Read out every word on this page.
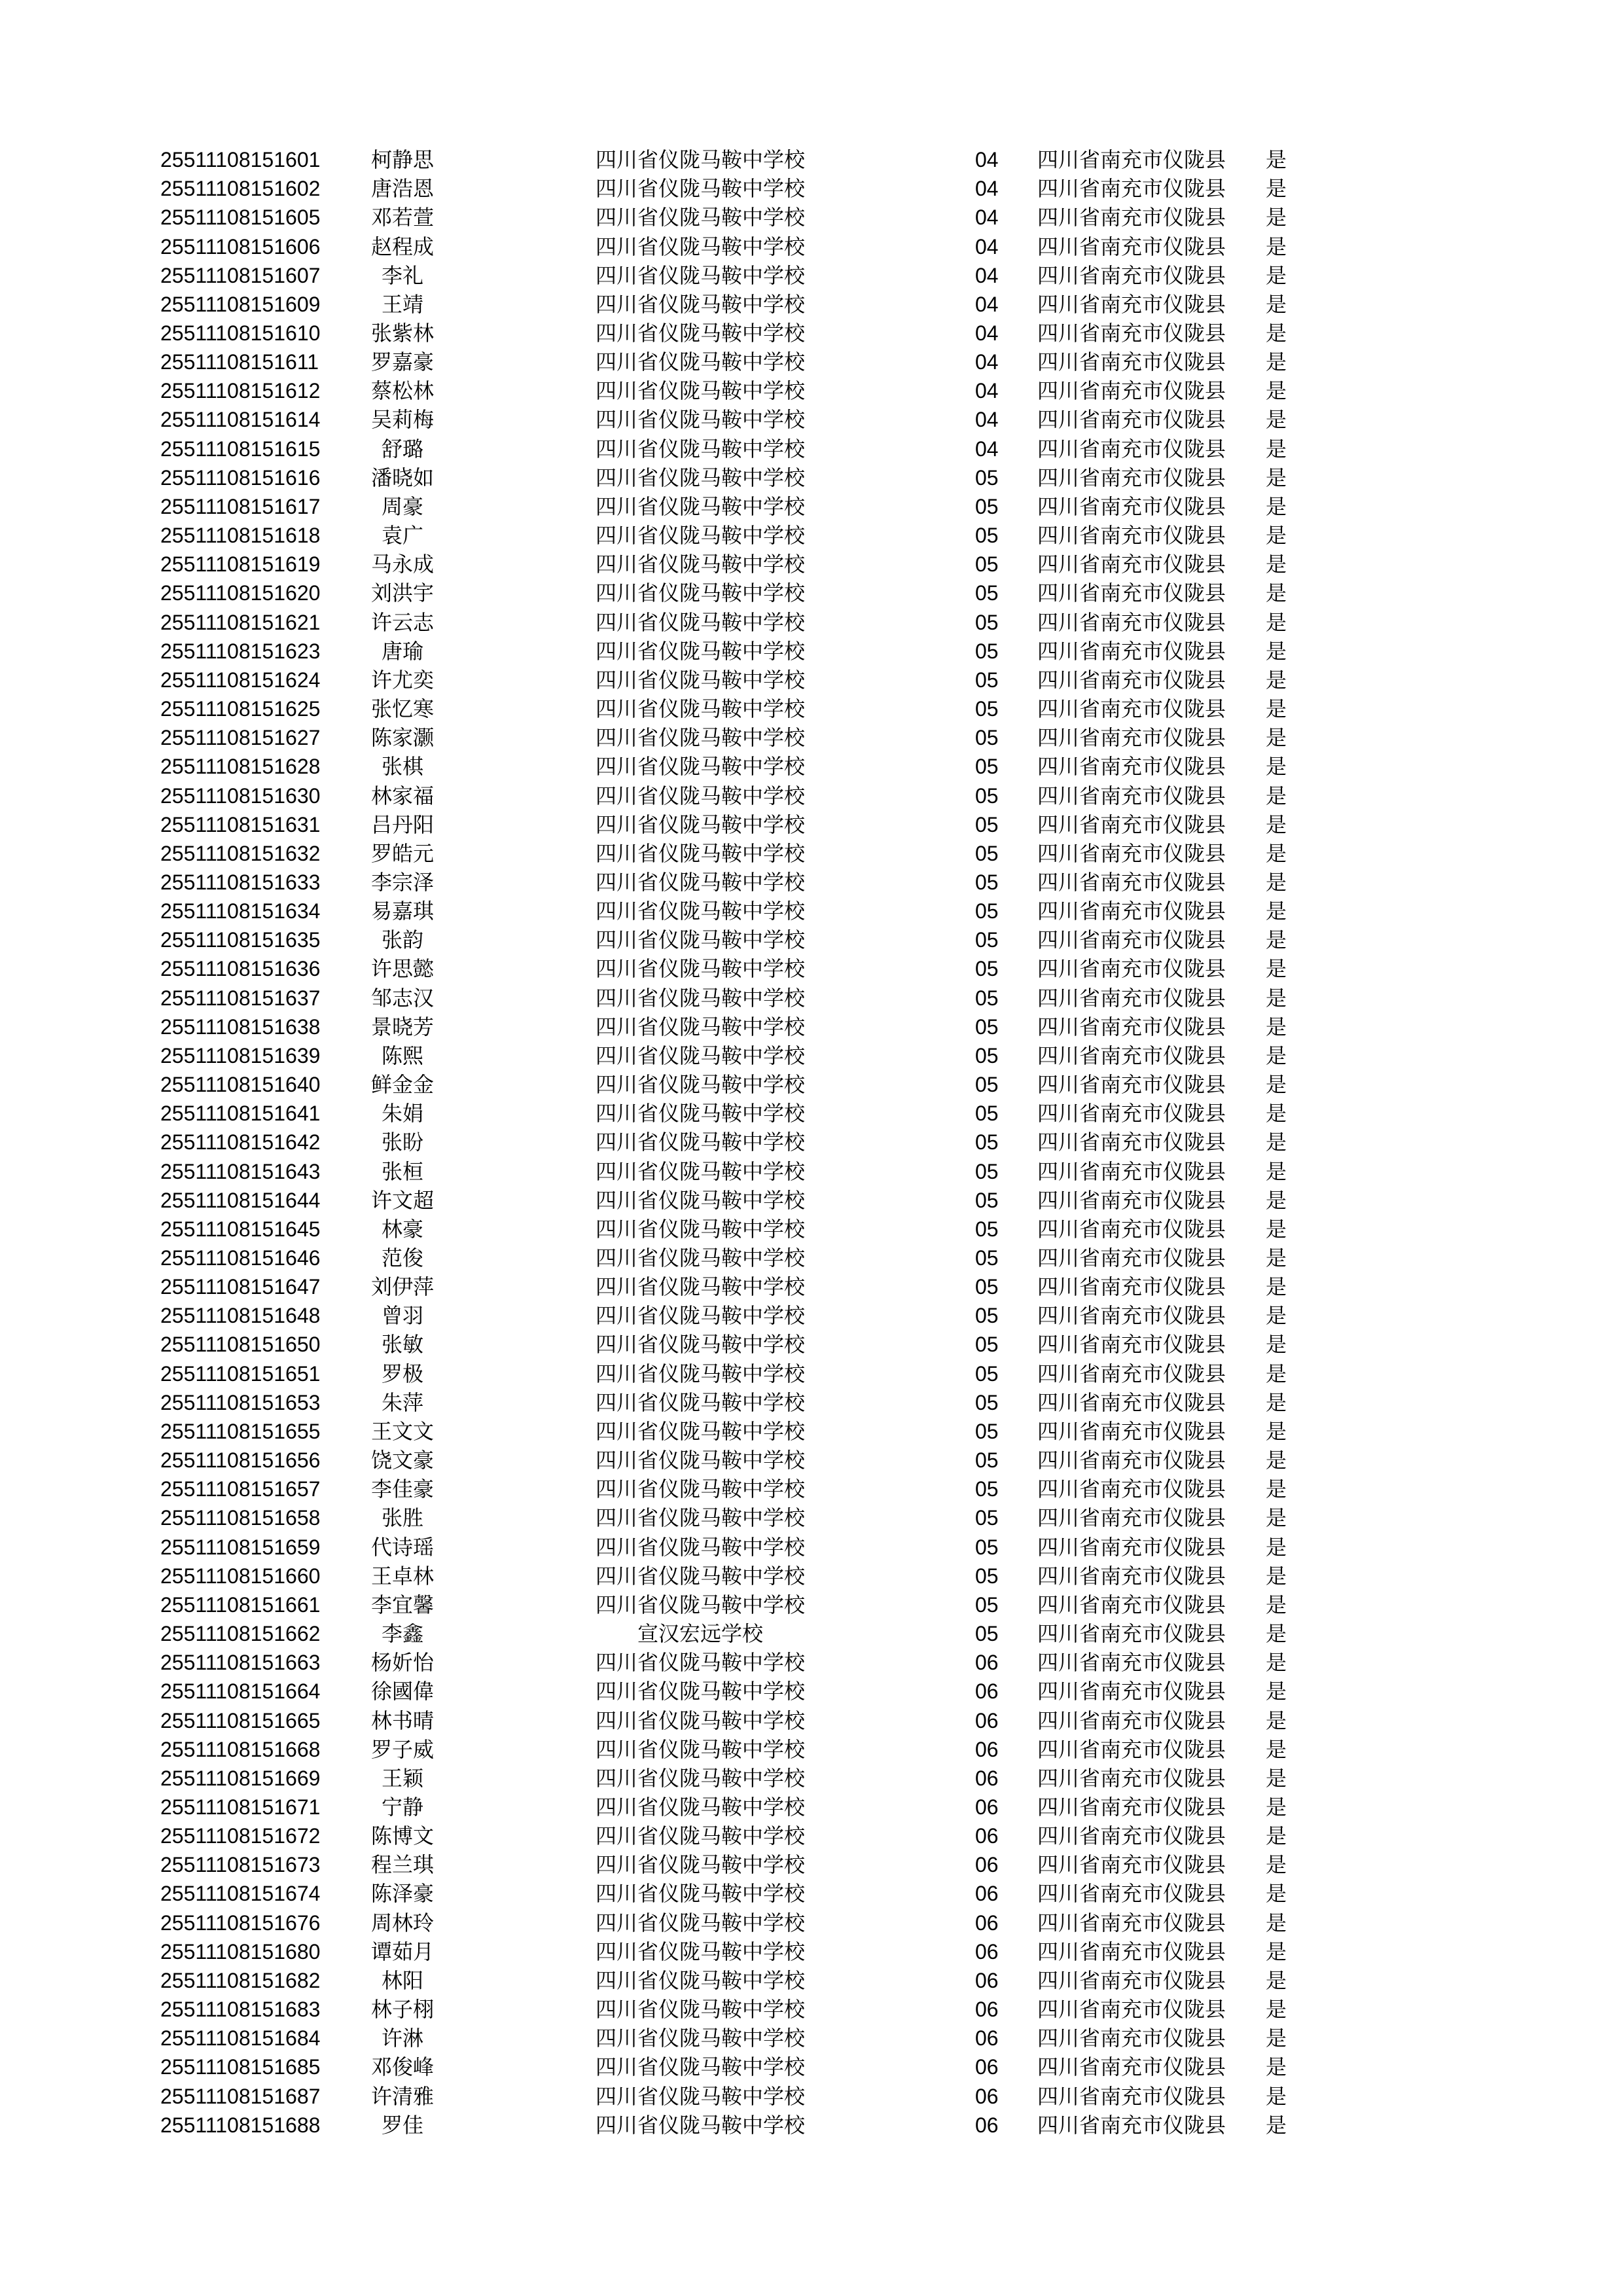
25511108151601	柯静思		四川省仪陇马鞍中学校		04	四川省南充市仪陇县	是
25511108151602	唐浩恩		四川省仪陇马鞍中学校		04	四川省南充市仪陇县	是
25511108151605	邓若萱		四川省仪陇马鞍中学校		04	四川省南充市仪陇县	是
25511108151606	赵程成		四川省仪陇马鞍中学校		04	四川省南充市仪陇县	是
25511108151607	李礼		四川省仪陇马鞍中学校		04	四川省南充市仪陇县	是
25511108151609	王靖		四川省仪陇马鞍中学校		04	四川省南充市仪陇县	是
25511108151610	张紫林		四川省仪陇马鞍中学校		04	四川省南充市仪陇县	是
25511108151611	罗嘉豪		四川省仪陇马鞍中学校		04	四川省南充市仪陇县	是
25511108151612	蔡松林		四川省仪陇马鞍中学校		04	四川省南充市仪陇县	是
25511108151614	吴莉梅		四川省仪陇马鞍中学校		04	四川省南充市仪陇县	是
25511108151615	舒璐		四川省仪陇马鞍中学校		04	四川省南充市仪陇县	是
25511108151616	潘晓如		四川省仪陇马鞍中学校		05	四川省南充市仪陇县	是
25511108151617	周豪		四川省仪陇马鞍中学校		05	四川省南充市仪陇县	是
25511108151618	袁广		四川省仪陇马鞍中学校		05	四川省南充市仪陇县	是
25511108151619	马永成		四川省仪陇马鞍中学校		05	四川省南充市仪陇县	是
25511108151620	刘洪宇		四川省仪陇马鞍中学校		05	四川省南充市仪陇县	是
25511108151621	许云志		四川省仪陇马鞍中学校		05	四川省南充市仪陇县	是
25511108151623	唐瑜		四川省仪陇马鞍中学校		05	四川省南充市仪陇县	是
25511108151624	许尤奕		四川省仪陇马鞍中学校		05	四川省南充市仪陇县	是
25511108151625	张忆寒		四川省仪陇马鞍中学校		05	四川省南充市仪陇县	是
25511108151627	陈家灏		四川省仪陇马鞍中学校		05	四川省南充市仪陇县	是
25511108151628	张棋		四川省仪陇马鞍中学校		05	四川省南充市仪陇县	是
25511108151630	林家福		四川省仪陇马鞍中学校		05	四川省南充市仪陇县	是
25511108151631	吕丹阳		四川省仪陇马鞍中学校		05	四川省南充市仪陇县	是
25511108151632	罗皓元		四川省仪陇马鞍中学校		05	四川省南充市仪陇县	是
25511108151633	李宗泽		四川省仪陇马鞍中学校		05	四川省南充市仪陇县	是
25511108151634	易嘉琪		四川省仪陇马鞍中学校		05	四川省南充市仪陇县	是
25511108151635	张韵		四川省仪陇马鞍中学校		05	四川省南充市仪陇县	是
25511108151636	许思懿		四川省仪陇马鞍中学校		05	四川省南充市仪陇县	是
25511108151637	邹志汉		四川省仪陇马鞍中学校		05	四川省南充市仪陇县	是
25511108151638	景晓芳		四川省仪陇马鞍中学校		05	四川省南充市仪陇县	是
25511108151639	陈熙		四川省仪陇马鞍中学校		05	四川省南充市仪陇县	是
25511108151640	鲜金金		四川省仪陇马鞍中学校		05	四川省南充市仪陇县	是
25511108151641	朱娟		四川省仪陇马鞍中学校		05	四川省南充市仪陇县	是
25511108151642	张盼		四川省仪陇马鞍中学校		05	四川省南充市仪陇县	是
25511108151643	张桓		四川省仪陇马鞍中学校		05	四川省南充市仪陇县	是
25511108151644	许文超		四川省仪陇马鞍中学校		05	四川省南充市仪陇县	是
25511108151645	林豪		四川省仪陇马鞍中学校		05	四川省南充市仪陇县	是
25511108151646	范俊		四川省仪陇马鞍中学校		05	四川省南充市仪陇县	是
25511108151647	刘伊萍		四川省仪陇马鞍中学校		05	四川省南充市仪陇县	是
25511108151648	曾羽		四川省仪陇马鞍中学校		05	四川省南充市仪陇县	是
25511108151650	张敏		四川省仪陇马鞍中学校		05	四川省南充市仪陇县	是
25511108151651	罗极		四川省仪陇马鞍中学校		05	四川省南充市仪陇县	是
25511108151653	朱萍		四川省仪陇马鞍中学校		05	四川省南充市仪陇县	是
25511108151655	王文文		四川省仪陇马鞍中学校		05	四川省南充市仪陇县	是
25511108151656	饶文豪		四川省仪陇马鞍中学校		05	四川省南充市仪陇县	是
25511108151657	李佳豪		四川省仪陇马鞍中学校		05	四川省南充市仪陇县	是
25511108151658	张胜		四川省仪陇马鞍中学校		05	四川省南充市仪陇县	是
25511108151659	代诗瑶		四川省仪陇马鞍中学校		05	四川省南充市仪陇县	是
25511108151660	王卓林		四川省仪陇马鞍中学校		05	四川省南充市仪陇县	是
25511108151661	李宜馨		四川省仪陇马鞍中学校		05	四川省南充市仪陇县	是
25511108151662	李鑫		宣汉宏远学校		05	四川省南充市仪陇县	是
25511108151663	杨妡怡		四川省仪陇马鞍中学校		06	四川省南充市仪陇县	是
25511108151664	徐國偉		四川省仪陇马鞍中学校		06	四川省南充市仪陇县	是
25511108151665	林书晴		四川省仪陇马鞍中学校		06	四川省南充市仪陇县	是
25511108151668	罗子威		四川省仪陇马鞍中学校		06	四川省南充市仪陇县	是
25511108151669	王颖		四川省仪陇马鞍中学校		06	四川省南充市仪陇县	是
25511108151671	宁静		四川省仪陇马鞍中学校		06	四川省南充市仪陇县	是
25511108151672	陈博文		四川省仪陇马鞍中学校		06	四川省南充市仪陇县	是
25511108151673	程兰琪		四川省仪陇马鞍中学校		06	四川省南充市仪陇县	是
25511108151674	陈泽豪		四川省仪陇马鞍中学校		06	四川省南充市仪陇县	是
25511108151676	周林玲		四川省仪陇马鞍中学校		06	四川省南充市仪陇县	是
25511108151680	谭茹月		四川省仪陇马鞍中学校		06	四川省南充市仪陇县	是
25511108151682	林阳		四川省仪陇马鞍中学校		06	四川省南充市仪陇县	是
25511108151683	林子栩		四川省仪陇马鞍中学校		06	四川省南充市仪陇县	是
25511108151684	许淋		四川省仪陇马鞍中学校		06	四川省南充市仪陇县	是
25511108151685	邓俊峰		四川省仪陇马鞍中学校		06	四川省南充市仪陇县	是
25511108151687	许清雅		四川省仪陇马鞍中学校		06	四川省南充市仪陇县	是
25511108151688	罗佳		四川省仪陇马鞍中学校		06	四川省南充市仪陇县	是
